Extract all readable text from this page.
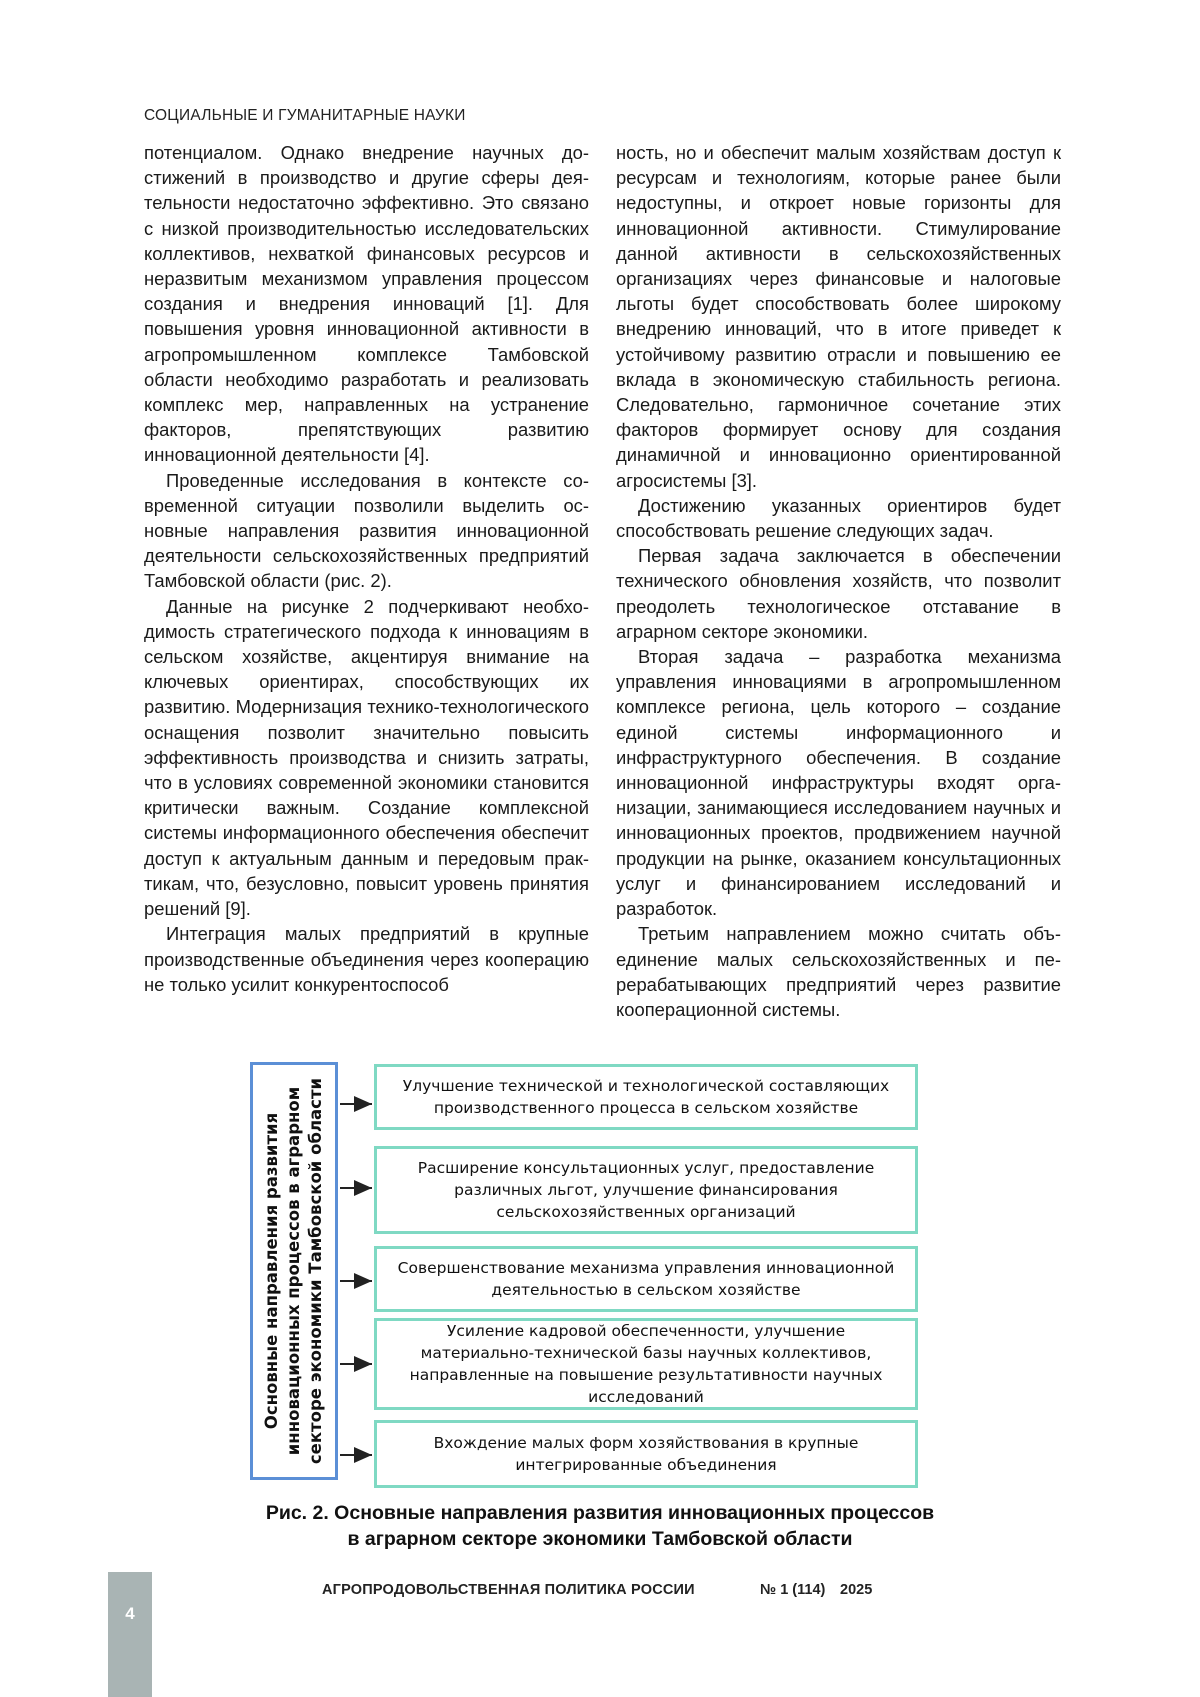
СОЦИАЛЬНЫЕ И ГУМАНИТАРНЫЕ НАУКИ

потенциалом. Однако внедрение научных достижений в производство и другие сферы деятельности недостаточно эффективно. Это связано с низкой производительностью исследовательских коллективов, нехваткой финансовых ресурсов и неразвитым механизмом управления процессом создания и внедрения инноваций [1]. Для повышения уровня инновационной активности в агропромышленном комплексе Тамбовской области необходимо разработать и реализовать комплекс мер, направленных на устранение факторов, препятствующих развитию инновационной деятельности [4].

Проведенные исследования в контексте современной ситуации позволили выделить основные направления развития инновационной деятельности сельскохозяйственных предприятий Тамбовской области (рис. 2).

Данные на рисунке 2 подчеркивают необходимость стратегического подхода к инновациям в сельском хозяйстве, акцентируя внимание на ключевых ориентирах, способствующих их развитию. Модернизация технико-технологического оснащения позволит значительно повысить эффективность производства и снизить затраты, что в условиях современной экономики становится критически важным. Создание комплексной системы информационного обеспечения обеспечит доступ к актуальным данным и передовым практикам, что, безусловно, повысит уровень принятия решений [9].

Интеграция малых предприятий в крупные производственные объединения через кооперацию не только усилит конкурентоспособ

ность, но и обеспечит малым хозяйствам доступ к ресурсам и технологиям, которые ранее были недоступны, и откроет новые горизонты для инновационной активности. Стимулирование данной активности в сельскохозяйственных организациях через финансовые и налоговые льготы будет способствовать более широкому внедрению инноваций, что в итоге приведет к устойчивому развитию отрасли и повышению ее вклада в экономическую стабильность региона. Следовательно, гармоничное сочетание этих факторов формирует основу для создания динамичной и инновационно ориентированной агросистемы [3].

Достижению указанных ориентиров будет способствовать решение следующих задач.

Первая задача заключается в обеспечении технического обновления хозяйств, что позволит преодолеть технологическое отставание в аграрном секторе экономики.

Вторая задача – разработка механизма управления инновациями в агропромышленном комплексе региона, цель которого – создание единой системы информационного и инфраструктурного обеспечения. В создание инновационной инфраструктуры входят организации, занимающиеся исследованием научных и инновационных проектов, продвижением научной продукции на рынке, оказанием консультационных услуг и финансированием исследований и разработок.

Третьим направлением можно считать объединение малых сельскохозяйственных и перерабатывающих предприятий через развитие кооперационной системы.

Основные направления развития инновационных процессов в аграрном секторе экономики Тамбовской области	Улучшение технической и технологической составляющих производственного процесса в сельском хозяйстве
Расширение консультационных услуг, предоставление различных льгот, улучшение финансирования сельскохозяйственных организаций
Совершенствование механизма управления инновационной деятельностью в сельском хозяйстве
Усиление кадровой обеспеченности, улучшение материально-технической базы научных коллективов, направленные на повышение результативности научных исследований
Вхождение малых форм хозяйствования в крупные интегрированные объединения
Рис. 2. Основные направления развития инновационных процессов
в аграрном секторе экономики Тамбовской области
4
АГРОПРОДОВОЛЬСТВЕННАЯ ПОЛИТИКА РОССИИ	№ 1 (114) 2025
